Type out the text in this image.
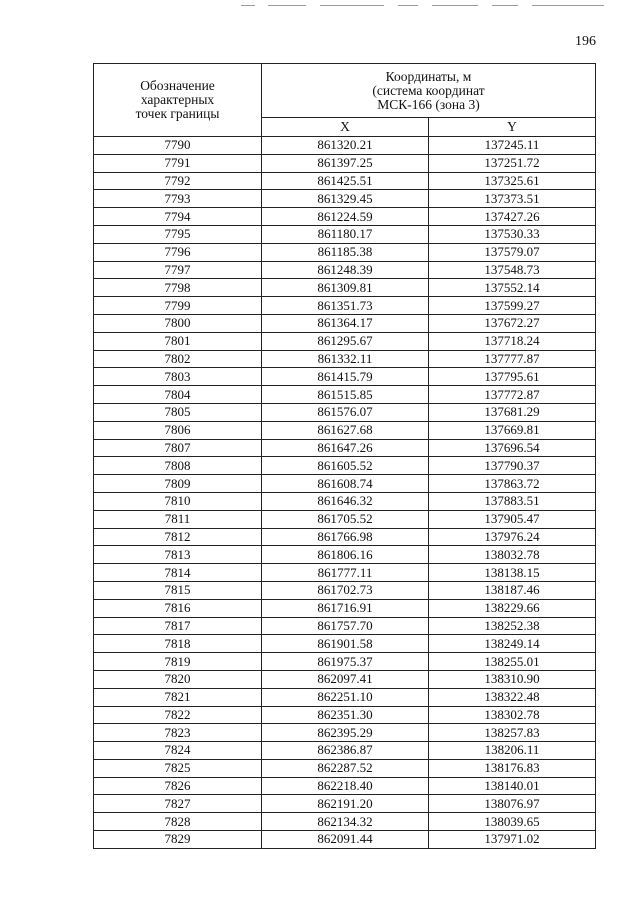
196
Обозначение
характерных
точек границы	Координаты, м
(система координат
МСК-166 (зона 3)	
	X	Y
7790	861320.21	137245.11
7791	861397.25	137251.72
7792	861425.51	137325.61
7793	861329.45	137373.51
7794	861224.59	137427.26
7795	861180.17	137530.33
7796	861185.38	137579.07
7797	861248.39	137548.73
7798	861309.81	137552.14
7799	861351.73	137599.27
7800	861364.17	137672.27
7801	861295.67	137718.24
7802	861332.11	137777.87
7803	861415.79	137795.61
7804	861515.85	137772.87
7805	861576.07	137681.29
7806	861627.68	137669.81
7807	861647.26	137696.54
7808	861605.52	137790.37
7809	861608.74	137863.72
7810	861646.32	137883.51
7811	861705.52	137905.47
7812	861766.98	137976.24
7813	861806.16	138032.78
7814	861777.11	138138.15
7815	861702.73	138187.46
7816	861716.91	138229.66
7817	861757.70	138252.38
7818	861901.58	138249.14
7819	861975.37	138255.01
7820	862097.41	138310.90
7821	862251.10	138322.48
7822	862351.30	138302.78
7823	862395.29	138257.83
7824	862386.87	138206.11
7825	862287.52	138176.83
7826	862218.40	138140.01
7827	862191.20	138076.97
7828	862134.32	138039.65
7829	862091.44	137971.02
